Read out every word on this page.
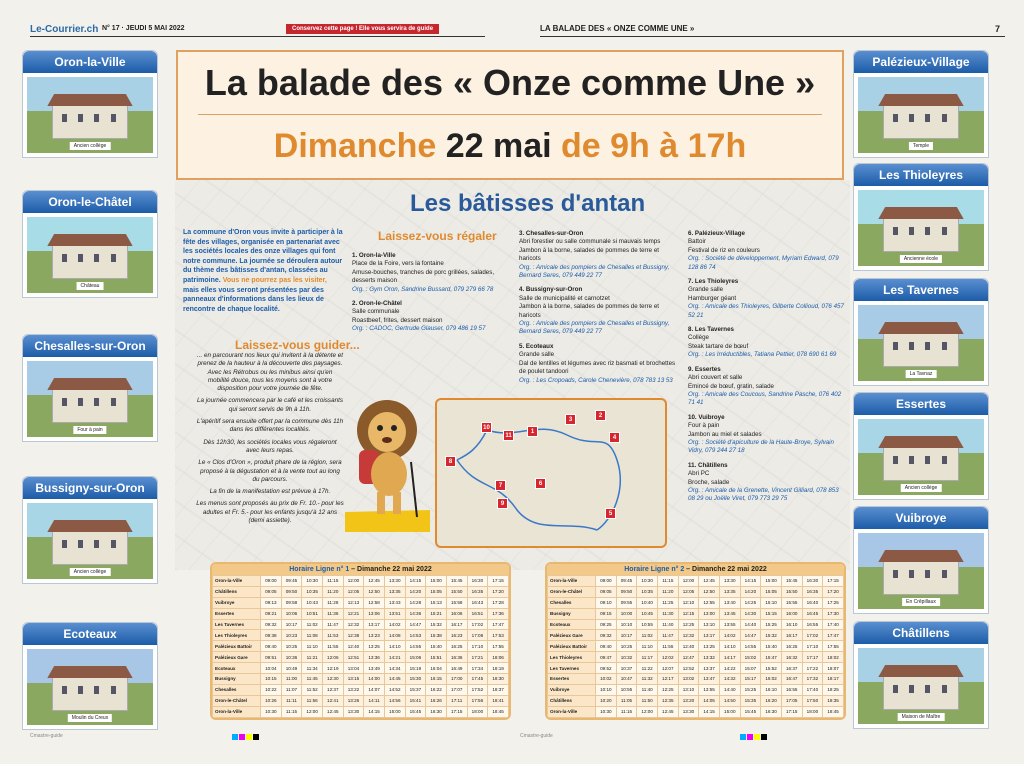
Le-Courrier.ch N° 17 · JEUDI 5 MAI 2022	Conservez cette page ! Elle vous servira de guide	LA BALADE DES « ONZE COMME UNE »	7
Oron-la-Ville
Ancien collège
Oron-le-Châtel
Château
Chesalles-sur-Oron
Four à pain
Bussigny-sur-Oron
Ancien collège
Ecoteaux
Moulin du Creux
Palézieux-Village
Temple
Les Thioleyres
Ancienne école
Les Tavernes
La Tavnaz
Essertes
Ancien collège
Vuibroye
En Crêpillaux
Châtillens
Maison de Maître
La balade des « Onze comme Une »
Dimanche 22 mai de 9h à 17h
Les bâtisses d'antan
La commune d'Oron vous invite à participer à la fête des villages, organisée en partenariat avec les sociétés locales des onze villages qui font notre commune. La journée se déroulera autour du thème des bâtisses d'antan, classées au patrimoine. Vous ne pourrez pas les visiter, mais elles vous seront présentées par des panneaux d'informations dans les lieux de rencontre de chaque localité.
Laissez-vous guider...

... en parcourant nos lieux qui invitent à la détente et prenez de la hauteur à la découverte des paysages. Avec les Rétrobus ou les minibus ainsi qu'en mobilité douce, tous les moyens sont à votre disposition pour votre journée de fête.

La journée commencera par le café et les croissants qui seront servis de 9h à 11h.

L'apéritif sera ensuite offert par la commune dès 11h dans les différentes localités.

Dès 12h30, les sociétés locales vous régaleront avec leurs repas.

Le « Clos d'Oron », produit phare de la région, sera proposé à la dégustation et à la vente tout au long du parcours.

La fin de la manifestation est prévue à 17h.

Les menus sont proposés au prix de Fr. 10.- pour les adultes et Fr. 5.- pour les enfants jusqu'à 12 ans (demi assiette).

Laissez-vous régaler
1. Oron-la-Ville
Place de la Foire, vers la fontaine
Amuse-bouches, tranches de porc grillées, salades, desserts maison
Org. : Gym Oron, Sandrine Bussard, 079 279 66 78
2. Oron-le-Châtel
Salle communale
Roastbeef, frites, dessert maison
Org. : CADOC, Gertrude Glauser, 079 486 19 57
3. Chesalles-sur-Oron
Abri forestier ou salle communale si mauvais temps
Jambon à la borne, salades de pommes de terre et haricots
Org. : Amicale des pompiers de Chesalles et Bussigny, Bernard Seres, 079 449 22 77
4. Bussigny-sur-Oron
Salle de municipalité et carnotzet
Jambon à la borne, salades de pommes de terre et haricots
Org. : Amicale des pompiers de Chesalles et Bussigny, Bernard Seres, 079 449 22 77
5. Ecoteaux
Grande salle
Dal de lentilles et légumes avec riz basmati et brochettes de poulet tandoori
Org. : Les Cropoads, Carole Chenevière, 078 783 13 53
6. Palézieux-Village
Battoir
Festival de riz en couleurs
Org. : Société de développement, Myriam Edward, 079 128 86 74
7. Les Thioleyres
Grande salle
Hamburger géant
Org. : Amicale des Thioleyres, Gilberte Collioud, 076 457 52 21
8. Les Tavernes
Collège
Steak tartare de bœuf
Org. : Les Irréductibles, Tatiana Pettier, 078 690 61 69
9. Essertes
Abri couvert et salle
Emincé de bœuf, gratin, salade
Org. : Amicale des Coucous, Sandrine Pasche, 076 402 71 41
10. Vuibroye
Four à pain
Jambon au miel et salades
Org. : Société d'apiculture de la Haute-Broye, Sylvain Vidry, 079 244 27 18
11. Châtillens
Abri PC
Broche, salade
Org. : Amicale de la Grenette, Vincent Gilliard, 078 853 08 29 ou Joëlle Viret, 079 773 29 75
10
11
1
2
3
4
5
6
7
8
9
Horaire Ligne n° 1 – Dimanche 22 mai 2022
Oron-la-Ville	09:00	09:45	10:30	11:15	12:00	12:45	13:30	14:15	15:00	15:45	16:30	17:15
Châtillens	09:05	09:50	10:35	11:20	12:05	12:50	13:35	14:20	15:05	15:50	16:35	17:20
Vuibroye	09:13	09:58	10:43	11:28	12:13	12:58	13:43	14:28	15:13	15:58	16:43	17:28
Essertes	09:21	10:06	10:51	11:36	12:21	13:06	13:51	14:36	15:21	16:06	16:51	17:36
Les Tavernes	09:32	10:17	11:02	11:47	12:32	13:17	14:02	14:47	15:32	16:17	17:02	17:47
Les Thioleyres	09:38	10:23	11:08	11:53	12:38	13:23	14:08	14:53	15:38	16:23	17:08	17:53
Palézieux Battoir	09:40	10:25	11:10	11:55	12:40	13:25	14:10	14:55	15:40	16:25	17:10	17:55
Palézieux Gare	09:51	10:36	11:21	12:06	12:51	13:36	14:21	15:06	15:51	16:36	17:21	18:06
Ecoteaux	10:04	10:49	11:34	12:19	13:04	13:49	14:34	15:19	16:04	16:49	17:34	18:19
Bussigny	10:15	11:00	11:45	12:30	13:15	14:00	14:45	15:30	16:15	17:00	17:45	18:30
Chesalles	10:22	11:07	11:52	12:37	13:22	14:07	14:52	15:37	16:22	17:07	17:52	18:37
Oron-le-Châtel	10:26	11:11	11:56	12:41	13:26	14:11	14:56	15:41	16:26	17:11	17:56	18:41
Oron-la-Ville	10:30	11:15	12:00	12:45	13:30	14:15	15:00	15:45	16:30	17:15	18:00	18:45
Horaire Ligne n° 2 – Dimanche 22 mai 2022
Oron-la-Ville	09:00	09:45	10:30	11:15	12:00	12:45	13:30	14:15	15:00	15:45	16:30	17:15
Oron-le-Châtel	09:05	09:50	10:35	11:20	12:05	12:50	13:35	14:20	15:05	15:50	16:35	17:20
Chesalles	09:10	09:55	10:40	11:25	12:10	12:55	13:40	14:25	15:10	15:55	16:40	17:25
Bussigny	09:15	10:00	10:45	11:30	12:15	13:00	13:45	14:30	15:15	16:00	16:45	17:30
Ecoteaux	09:25	10:10	10:55	11:40	12:25	13:10	13:55	14:40	15:25	16:10	16:55	17:40
Palézieux Gare	09:32	10:17	11:02	11:47	12:32	13:17	14:02	14:47	15:32	16:17	17:02	17:47
Palézieux Battoir	09:40	10:25	11:10	11:55	12:40	13:25	14:10	14:55	15:40	16:25	17:10	17:55
Les Thioleyres	09:47	10:32	11:17	12:02	12:47	13:32	14:17	15:02	15:47	16:32	17:17	18:02
Les Tavernes	09:52	10:37	11:22	12:07	12:52	13:37	14:22	15:07	15:52	16:37	17:22	18:07
Essertes	10:02	10:47	11:32	12:17	13:02	13:47	14:32	15:17	16:02	16:47	17:32	18:17
Vuibroye	10:10	10:55	11:40	12:25	13:10	13:55	14:40	15:25	16:10	16:55	17:40	18:25
Châtillens	10:20	11:05	11:50	12:35	13:20	14:05	14:50	15:35	16:20	17:05	17:50	18:35
Oron-la-Ville	10:30	11:15	12:00	12:45	13:30	14:15	15:00	15:45	16:30	17:15	18:00	18:45
Cmastre-guide	Cmastre-guide
